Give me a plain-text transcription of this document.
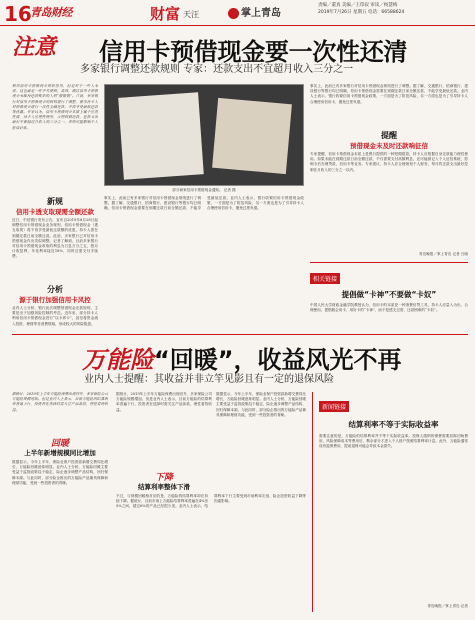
16
青岛财经	财富 天汪	掌上青岛
责编／董真 美编／王印寂 审读／杨慧梅
2019年7月26日 星期五 电话：66588624
注意 信用卡预借现金要一次性还清
多家银行调整还款规则 专家：还款支出不宜超月收入三分之一
利用信用卡预借现金周转急用，但是对于一些人来说，这也就是一件不失便利，高效，通过信用卡预借现金来维持还款账单的人则“慌慌慌”。日前，多家银行对信用卡预借现金的规则进行了调整，要求持卡人对预借现金进行一次性全额还款，不再享受最低还款等优惠。专家认为，信用卡预借现金本质上属于应急性质，持卡人应理性使用，合理规划还款，还款支出最好不要超过月收入的三分之一，否则可能影响个人征信记录。
新规
信用卡透支取现需全额还款
近日，中信银行发布公告，宣布自2019年8月28日起调整信用卡预借现金业务规则，信用卡预借现金（透支取现）将不再享受最低还款额的优惠，持卡人需在到期还款日前全额还清。此前，多家银行已对信用卡预借现金作出类似调整。记者了解到，目前多家银行对信用卡预借现金收取的利息为日息万分之五，按月计收复利，年化利率接近18%，同时还需支付手续费。
分析
源于银行加强信用卡风控
业内人士分析，银行此次调整预借现金还款规则，主要是出于加强风险控制的考虑。近年来，部分持卡人利用信用卡预借现金进行“以卡养卡”，甚至将资金流入投资、理财等非消费领域，形成较大的风险隐患。
部分商家信用卡预借现金通知。 记者 摄
事实上，此前已有多家银行对信用卡预借现金规则进行了调整。据了解，交通银行、招商银行、建设银行等银行均已明确，信用卡预借现金需要在到期还款日前全额还款，不能享受最低还款。业内人士表示，银行收紧信用卡预借现金政策，一方面是为了防范风险，另一方面也是为了引导持卡人合理使用信用卡，避免过度负债。
事实上，此前已有多家银行对信用卡预借现金规则进行了调整。据了解，交通银行、招商银行、建设银行等银行均已明确，信用卡预借现金需要在到期还款日前全额还款，不能享受最低还款。业内人士表示，银行收紧信用卡预借现金政策，一方面是为了防范风险，另一方面也是为了引导持卡人合理使用信用卡，避免过度负债。
提醒
预借现金未及时还款响征信
专家提醒，信用卡预借现金本质上是银行提供的一种短期借款，持卡人应根据自身还款能力理性使用。如果未能在到期还款日前全额还款，不仅需要支付高额利息，还可能被记入个人征信系统，影响今后办理贷款、信用卡等业务。专家建议，持卡人应合理规划个人财务，每月的还款支出最好控制在月收入的三分之一以内。
青岛晚报／掌上青岛 记者 白晓
相关链接
提倡做“卡神”不要做“卡奴”
中国人民大学财政金融学院教授认为，信用卡的本质是一种消费信贷工具，持卡人应量入为出，合理使用。提倡做会用卡、用好卡的“卡神”，而不是透支过度、还款困难的“卡奴”。
万能险“回暖”，收益风光不再
业内人士提醒：其收益并非立竿见影且有一定的退保风险
据统计，2019年上半年万能险保费出现回升，多家保险公司万能险规模增加。但是业内人士表示，目前万能险的结算利率普遍下行，投资者在选择时需关注产品条款，理性看待收益。
回暖
上半年新增规模同比增加
数据显示，今年上半年，保险业保户投资款新增交费同比增长，万能险回暖迹象明显。业内人士分析，万能险回暖主要受益于监管政策趋于稳定，险企逐步调整产品结构，回归保障本源。与此同时，部分险企推出的万能险产品兼具保障和理财功能，受到一些投资者的青睐。
据统计，2019年上半年万能险保费出现回升，多家保险公司万能险规模增加。但是业内人士表示，目前万能险的结算利率普遍下行，投资者在选择时需关注产品条款，理性看待收益。
下降
结算利率整体下滑
不过，与规模回暖相对应的是，万能险的结算利率却在持续下降。据统计，目前市场上万能险结算利率普遍在4%至5%之间，超过6%的产品已经很少见。业内人士表示，结算利率下行主要受到市场利率走低、险企投资收益下降等因素影响。
数据显示，今年上半年，保险业保户投资款新增交费同比增长，万能险回暖迹象明显。业内人士分析，万能险回暖主要受益于监管政策趋于稳定，险企逐步调整产品结构，回归保障本源。与此同时，部分险企推出的万能险产品兼具保障和理财功能，受到一些投资者的青睐。
新闻链接
结算利率不等于实际收益率
需要注意的是，万能险的结算利率并不等于实际收益率。投保人缴纳的保费需要扣除初始费用、风险保障成本等费用后，剩余部分才进入个人账户按照结算利率计息。此外，万能险通常设有退保费用，提前退保可能会导致本金损失。
青岛晚报／掌上青岛 记者
